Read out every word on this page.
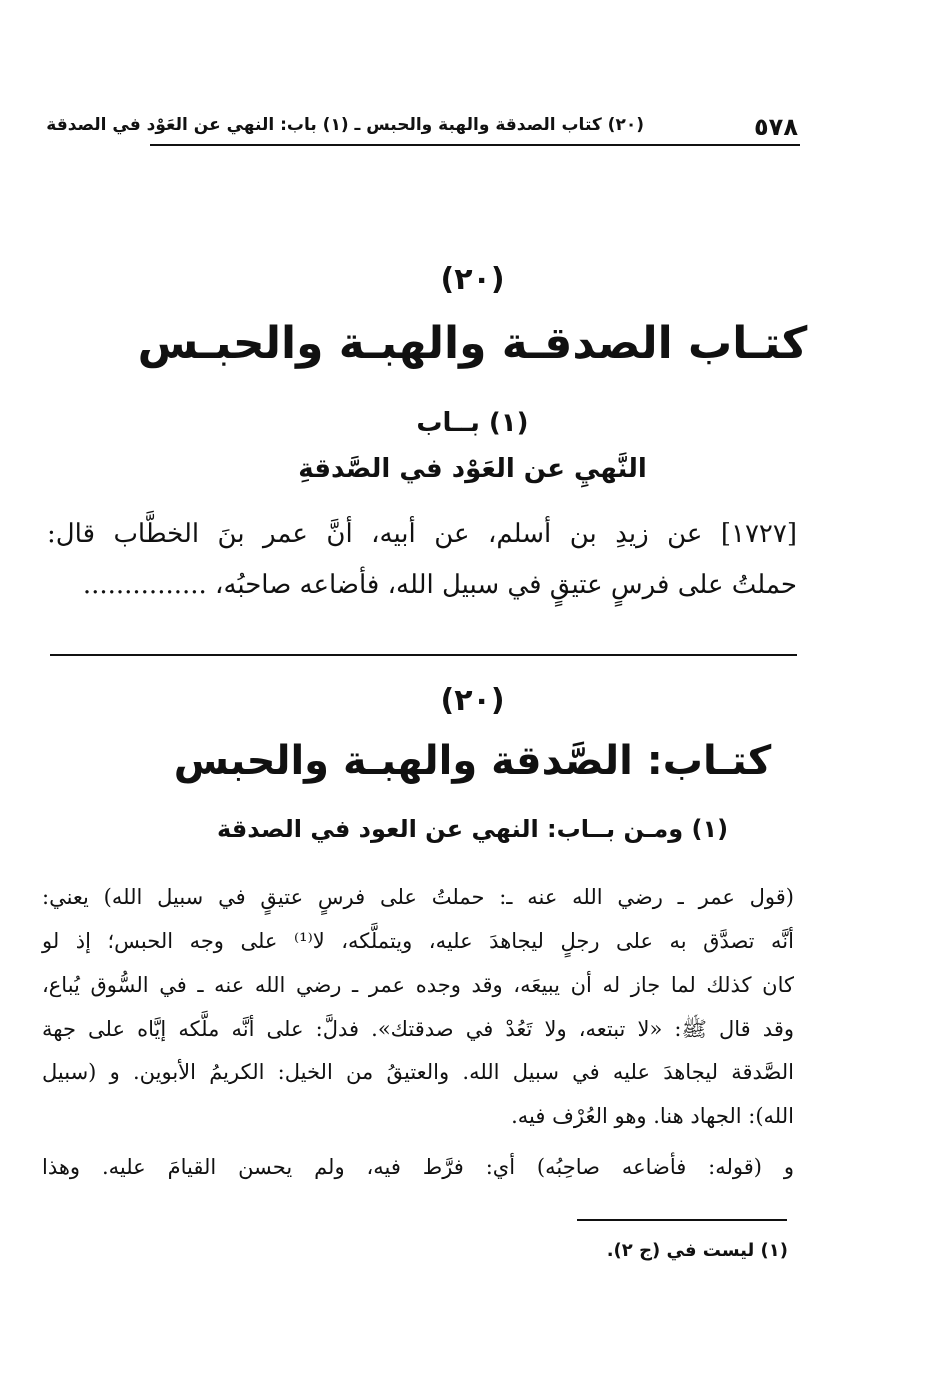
٥٧٨
(٢٠) كتاب الصدقة والهبة والحبس ـ (١) باب: النهي عن العَوْد في الصدقة
(٢٠)
كتـاب الصدقـة والهبـة والحبـس
(١) بــاب
النَّهيِ عن العَوْد في الصَّدقةِ
[١٧٢٧] عن زيدِ بن أسلم، عن أبيه، أنَّ عمر بنَ الخطَّاب قال:
حملتُ على فرسٍ عتيقٍ في سبيل الله، فأضاعه صاحبُه، ...............
(٢٠)
كتـاب: الصَّدقة والهبـة والحبس
(١) ومـن بــاب: النهي عن العود في الصدقة
(قول عمر ـ رضي الله عنه ـ: حملتُ على فرسٍ عتيقٍ في سبيل الله) يعني:
أنَّه تصدَّق به على رجلٍ ليجاهدَ عليه، ويتملَّكه، لا⁽¹⁾ على وجه الحبس؛ إذ لو
كان كذلك لما جاز له أن يبيعَه، وقد وجده عمر ـ رضي الله عنه ـ في السُّوق يُباع،
وقد قال ﷺ: «لا تبتعه، ولا تَعُدْ في صدقتك». فدلَّ: على أنَّه ملَّكه إيَّاه على جهة
الصَّدقة ليجاهدَ عليه في سبيل الله. والعتيقُ من الخيل: الكريمُ الأبوين. و (سبيل
الله): الجهاد هنا. وهو العُرْف فيه.
و (قوله: فأضاعه صاحِبُه) أي: فرَّط فيه، ولم يحسن القيامَ عليه. وهذا
(١) ليست في (ج ٢).
